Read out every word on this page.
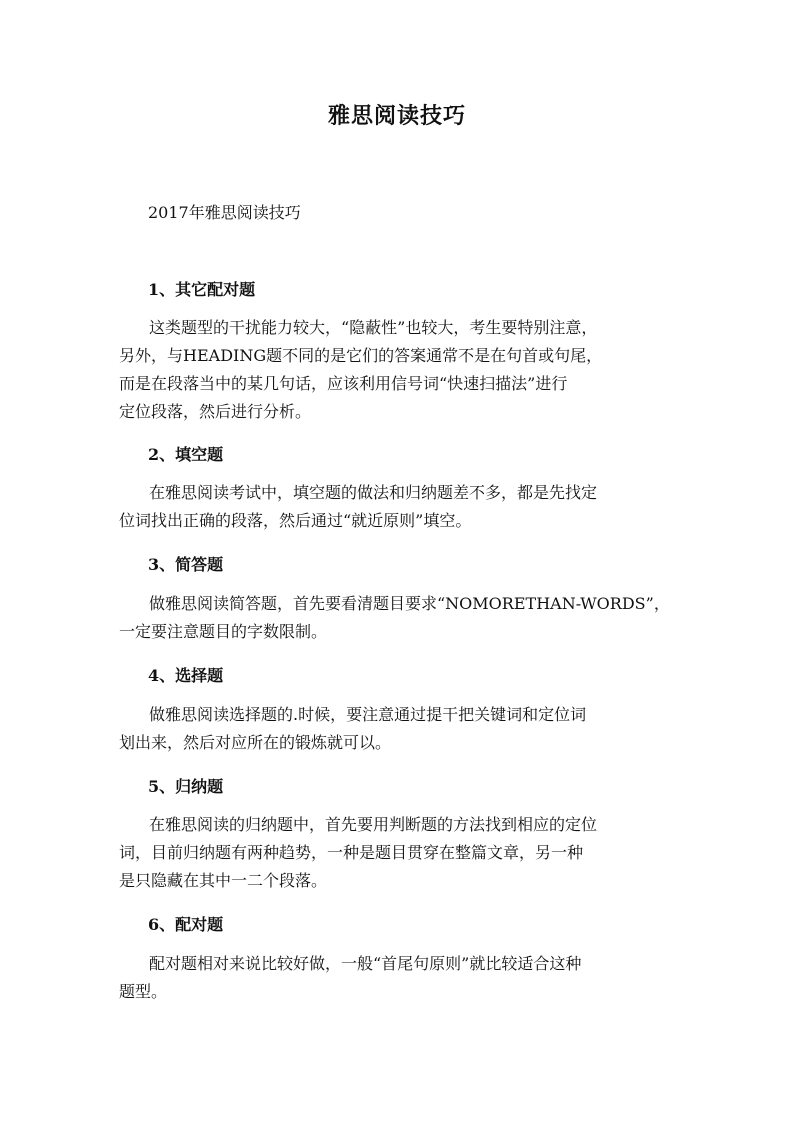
雅思阅读技巧
2017年雅思阅读技巧
1、其它配对题
这类题型的干扰能力较大，“隐蔽性”也较大，考生要特别注意，
另外，与HEADING题不同的是它们的答案通常不是在句首或句尾，
而是在段落当中的某几句话，应该利用信号词“快速扫描法”进行
定位段落，然后进行分析。
2、填空题
在雅思阅读考试中，填空题的做法和归纳题差不多，都是先找定
位词找出正确的段落，然后通过“就近原则”填空。
3、简答题
做雅思阅读简答题，首先要看清题目要求“NOMORETHAN-WORDS”，
一定要注意题目的字数限制。
4、选择题
做雅思阅读选择题的.时候，要注意通过提干把关键词和定位词
划出来，然后对应所在的锻炼就可以。
5、归纳题
在雅思阅读的归纳题中，首先要用判断题的方法找到相应的定位
词，目前归纳题有两种趋势，一种是题目贯穿在整篇文章，另一种
是只隐藏在其中一二个段落。
6、配对题
配对题相对来说比较好做，一般“首尾句原则”就比较适合这种
题型。
